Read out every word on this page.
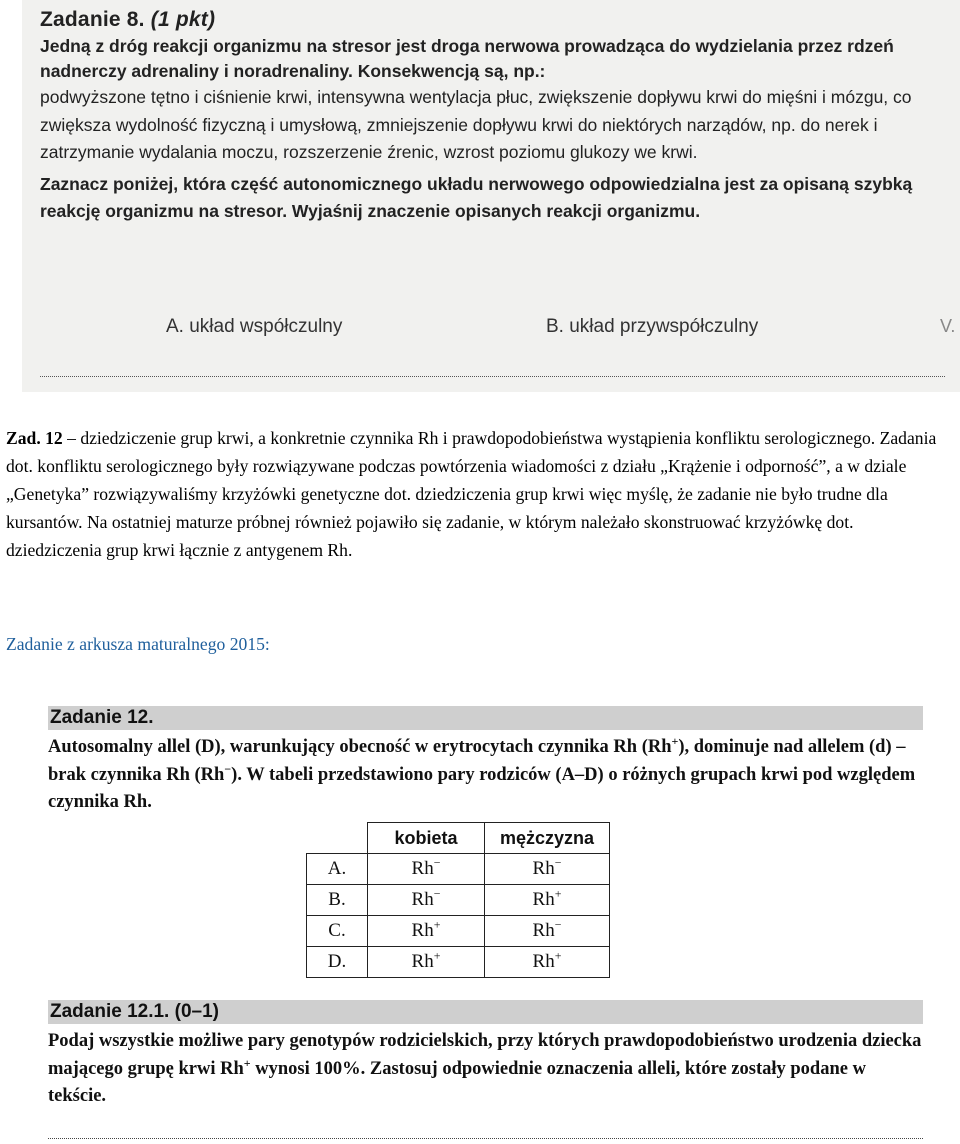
Zadanie 8. (1 pkt)

Jedną z dróg reakcji organizmu na stresor jest droga nerwowa prowadząca do wydzielania przez rdzeń nadnerczy adrenaliny i noradrenaliny. Konsekwencją są, np.:

podwyższone tętno i ciśnienie krwi, intensywna wentylacja płuc, zwiększenie dopływu krwi do mięśni i mózgu, co zwiększa wydolność fizyczną i umysłową, zmniejszenie dopływu krwi do niektórych narządów, np. do nerek i zatrzymanie wydalania moczu, rozszerzenie źrenic, wzrost poziomu glukozy we krwi.

Zaznacz poniżej, która część autonomicznego układu nerwowego odpowiedzialna jest za opisaną szybką reakcję organizmu na stresor. Wyjaśnij znaczenie opisanych reakcji organizmu.

A. układ współczulny	B. układ przywspółczulny	V.

Zad. 12 – dziedziczenie grup krwi, a konkretnie czynnika Rh i prawdopodobieństwa wystąpienia konfliktu serologicznego. Zadania dot. konfliktu serologicznego były rozwiązywane podczas powtórzenia wiadomości z działu „Krążenie i odporność”, a w dziale „Genetyka” rozwiązywaliśmy krzyżówki genetyczne dot. dziedziczenia grup krwi więc myślę, że zadanie nie było trudne dla kursantów. Na ostatniej maturze próbnej również pojawiło się zadanie, w którym należało skonstruować krzyżówkę dot. dziedziczenia grup krwi łącznie z antygenem Rh.

Zadanie z arkusza maturalnego 2015:

Zadanie 12.

Autosomalny allel (D), warunkujący obecność w erytrocytach czynnika Rh (Rh+), dominuje nad allelem (d) – brak czynnika Rh (Rh−). W tabeli przedstawiono pary rodziców (A–D) o różnych grupach krwi pod względem czynnika Rh.

	kobieta	mężczyzna
A.	Rh−	Rh−
B.	Rh−	Rh+
C.	Rh+	Rh−
D.	Rh+	Rh+
Zadanie 12.1. (0–1)

Podaj wszystkie możliwe pary genotypów rodzicielskich, przy których prawdopodobieństwo urodzenia dziecka mającego grupę krwi Rh+ wynosi 100%. Zastosuj odpowiednie oznaczenia alleli, które zostały podane w tekście.
